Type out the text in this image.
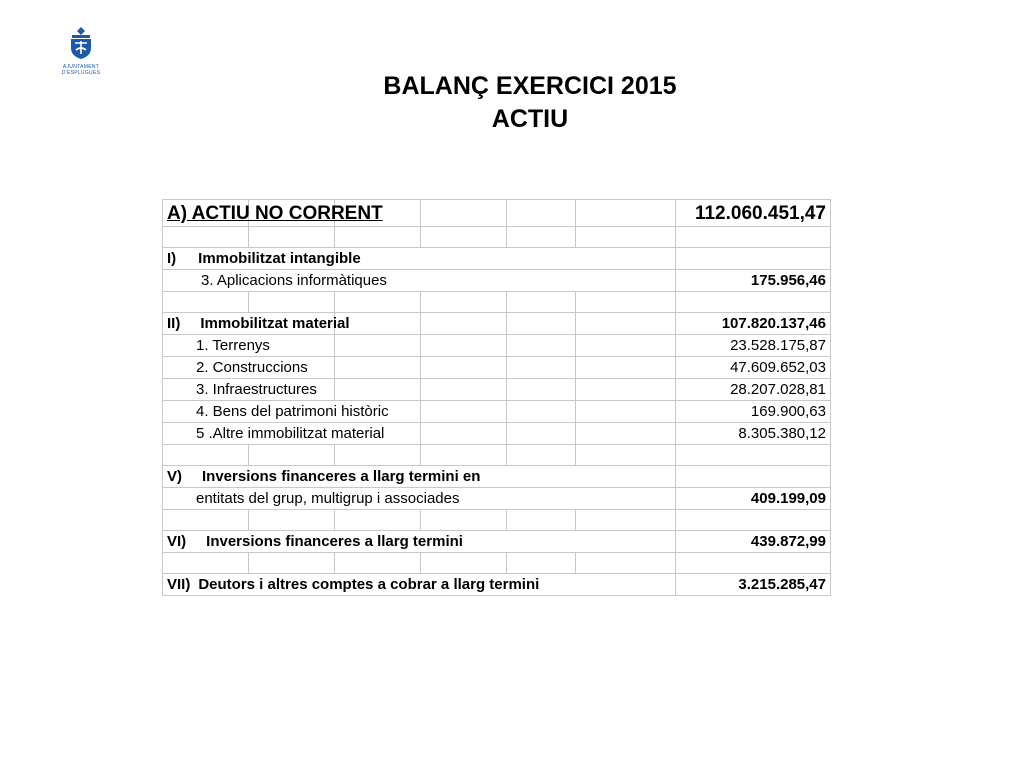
AJUNTAMENT
D'ESPLUGUES	BALANÇ EXERCICI 2015
ACTIU
A) ACTIU NO CORRENT						112.060.451,47

I) Immobilitzat intangible						
3. Aplicacions informàtiques						175.956,46

II) Immobilitzat material						107.820.137,46
1. Terrenys						23.528.175,87
2. Construccions						47.609.652,03
3. Infraestructures						28.207.028,81
4. Bens del patrimoni històric						169.900,63
5 .Altre immobilitzat material						8.305.380,12

V) Inversions financeres a llarg termini en						
entitats del grup, multigrup i associades						409.199,09

VI) Inversions financeres a llarg termini						439.872,99

VII) Deutors i altres comptes a cobrar a llarg termini						3.215.285,47
